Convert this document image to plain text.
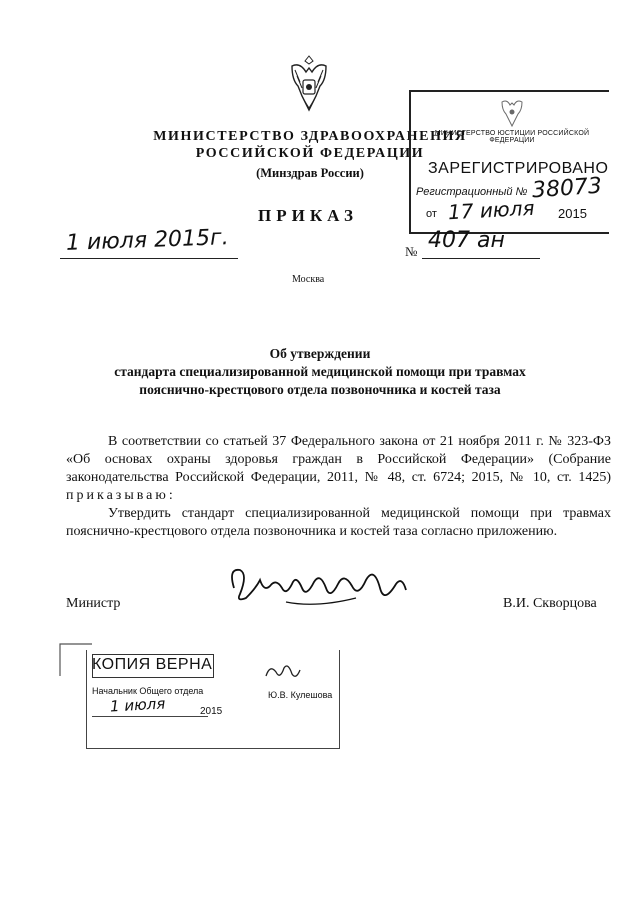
МИНИСТЕРСТВО ЗДРАВООХРАНЕНИЯ
РОССИЙСКОЙ ФЕДЕРАЦИИ
(Минздрав России)
МИНИСТЕРСТВО ЮСТИЦИИ РОССИЙСКОЙ ФЕДЕРАЦИИ
ЗАРЕГИСТРИРОВАНО
Регистрационный № 38073
от 17 июля 2015
ПРИКАЗ
1 июля 2015г.	№ 407 ан
Москва
Об утверждении
стандарта специализированной медицинской помощи при травмах
пояснично-крестцового отдела позвоночника и костей таза

В соответствии со статьей 37 Федерального закона от 21 ноября 2011 г. № 323-ФЗ «Об основах охраны здоровья граждан в Российской Федерации» (Собрание законодательства Российской Федерации, 2011, № 48, ст. 6724; 2015, № 10, ст. 1425) приказываю:

Утвердить стандарт специализированной медицинской помощи при травмах пояснично-крестцового отдела позвоночника и костей таза согласно приложению.

Министр	В.И. Скворцова
КОПИЯ ВЕРНА
Начальник Общего отдела	Ю.В. Кулешова
1 июля	2015
